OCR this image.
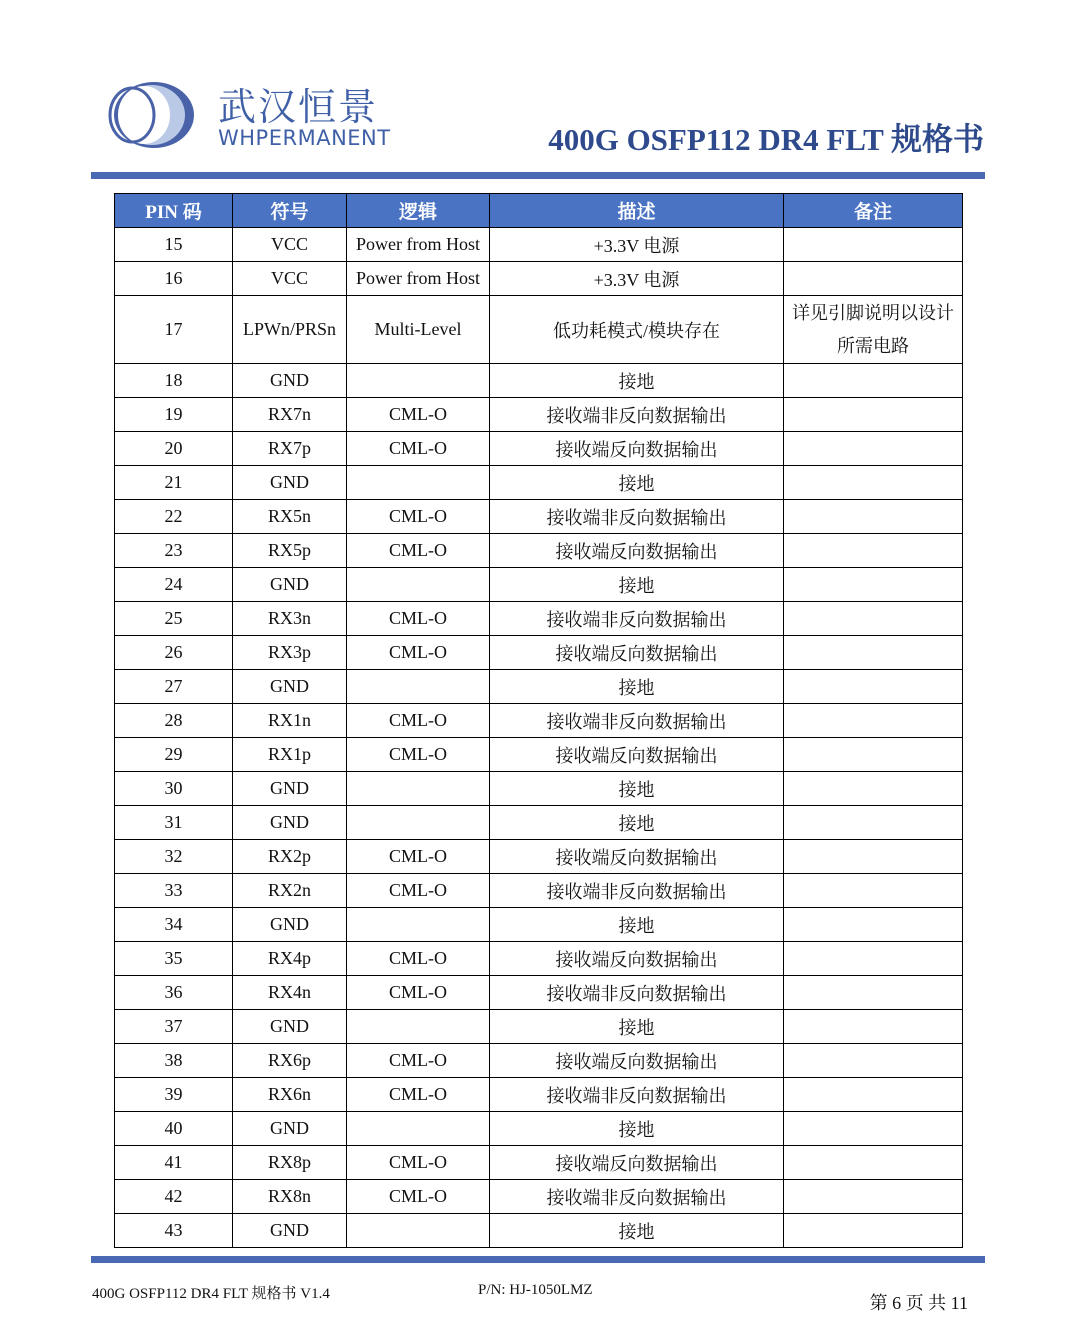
武汉恒景
WHPERMANENT	400G OSFP112 DR4 FLT 规格书
PIN 码	符号	逻辑	描述	备注
15	VCC	Power from Host	+3.3V 电源	
16	VCC	Power from Host	+3.3V 电源	
17	LPWn/PRSn	Multi-Level	低功耗模式/模块存在	详见引脚说明以设计所需电路
18	GND		接地	
19	RX7n	CML-O	接收端非反向数据输出	
20	RX7p	CML-O	接收端反向数据输出	
21	GND		接地	
22	RX5n	CML-O	接收端非反向数据输出	
23	RX5p	CML-O	接收端反向数据输出	
24	GND		接地	
25	RX3n	CML-O	接收端非反向数据输出	
26	RX3p	CML-O	接收端反向数据输出	
27	GND		接地	
28	RX1n	CML-O	接收端非反向数据输出	
29	RX1p	CML-O	接收端反向数据输出	
30	GND		接地	
31	GND		接地	
32	RX2p	CML-O	接收端反向数据输出	
33	RX2n	CML-O	接收端非反向数据输出	
34	GND		接地	
35	RX4p	CML-O	接收端反向数据输出	
36	RX4n	CML-O	接收端非反向数据输出	
37	GND		接地	
38	RX6p	CML-O	接收端反向数据输出	
39	RX6n	CML-O	接收端非反向数据输出	
40	GND		接地	
41	RX8p	CML-O	接收端反向数据输出	
42	RX8n	CML-O	接收端非反向数据输出	
43	GND		接地	
400G OSFP112 DR4 FLT 规格书 V1.4	P/N: HJ-1050LMZ
第 6 页 共 11
